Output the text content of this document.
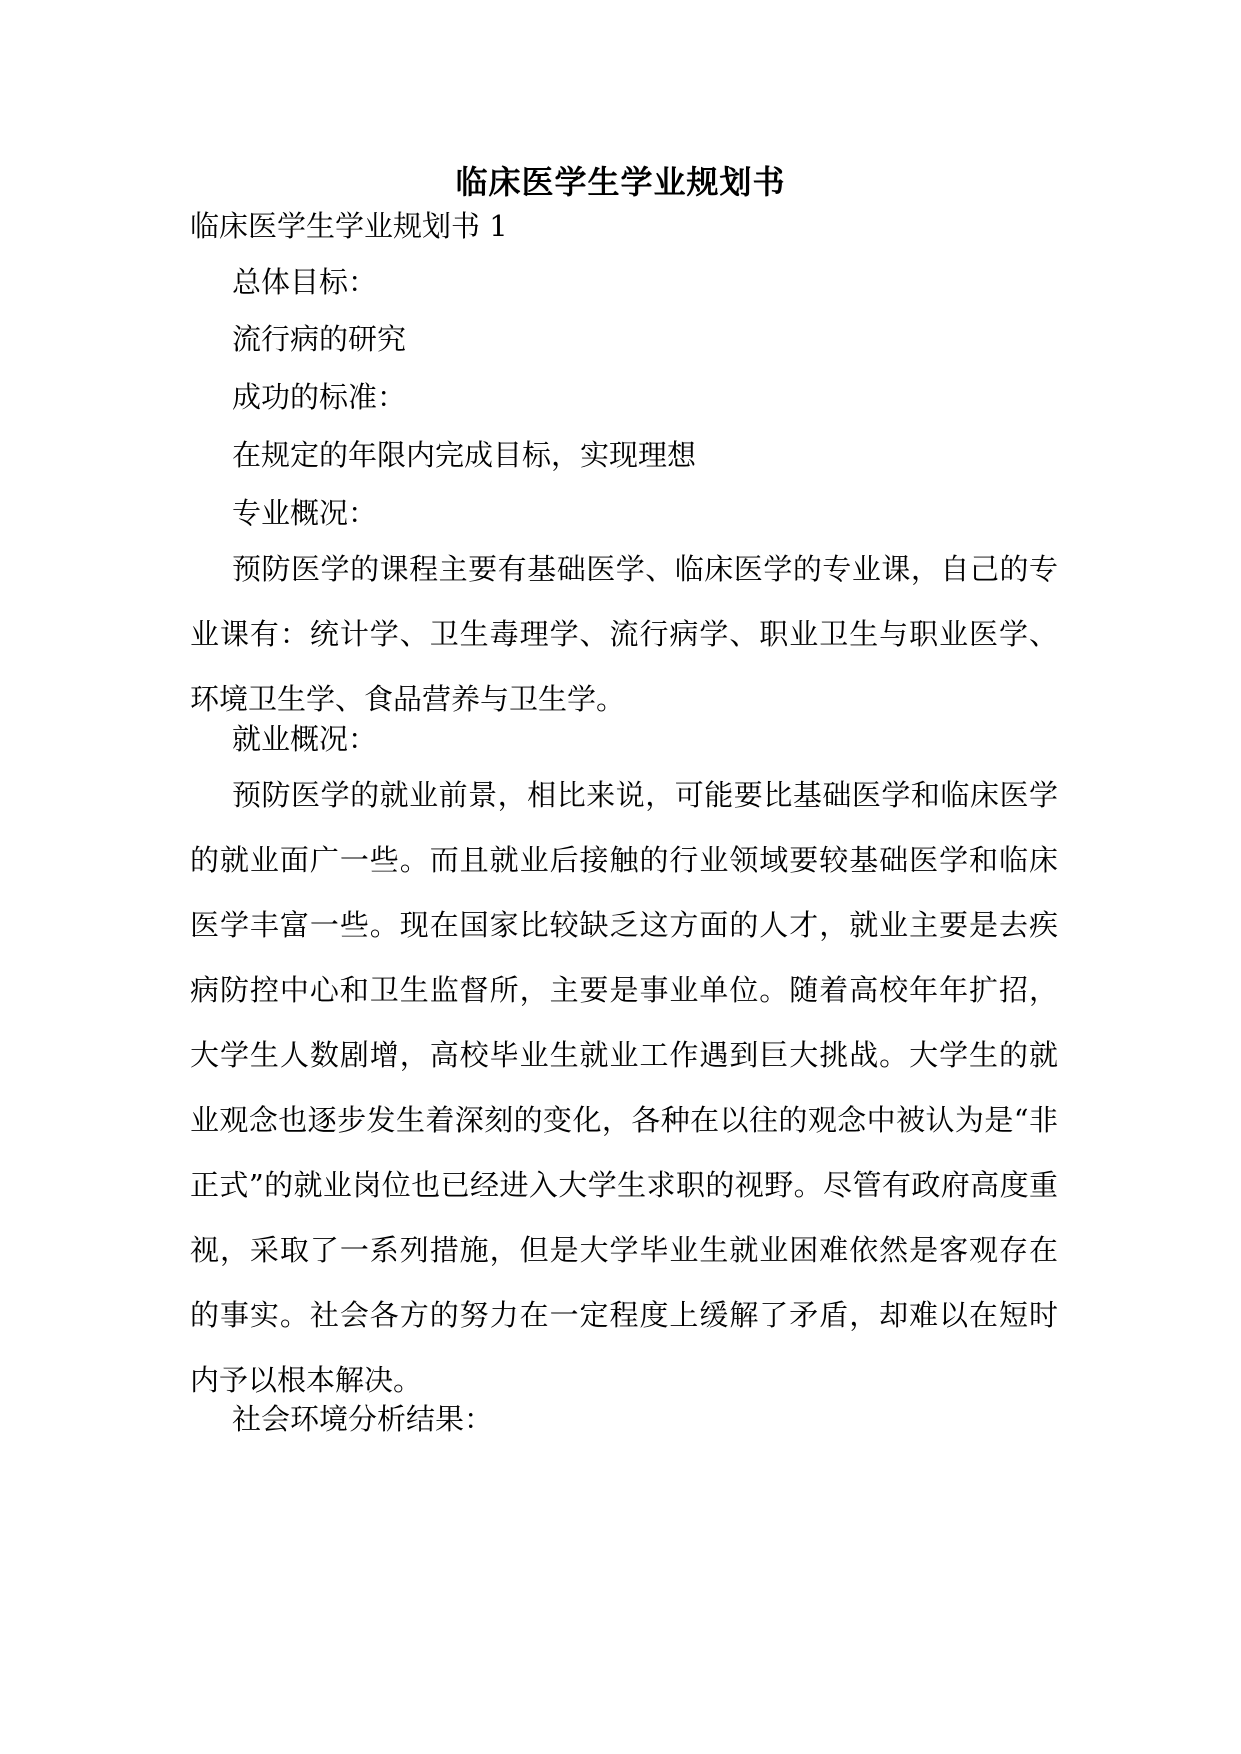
临床医学生学业规划书
临床医学生学业规划书 1
总体目标：
流行病的研究
成功的标准：
在规定的年限内完成目标，实现理想
专业概况：
预防医学的课程主要有基础医学、临床医学的专业课，自己的专业课有：统计学、卫生毒理学、流行病学、职业卫生与职业医学、环境卫生学、食品营养与卫生学。
就业概况：
预防医学的就业前景，相比来说，可能要比基础医学和临床医学的就业面广一些。而且就业后接触的行业领域要较基础医学和临床医学丰富一些。现在国家比较缺乏这方面的人才，就业主要是去疾病防控中心和卫生监督所，主要是事业单位。随着高校年年扩招，大学生人数剧增，高校毕业生就业工作遇到巨大挑战。大学生的就业观念也逐步发生着深刻的变化，各种在以往的观念中被认为是“非正式”的就业岗位也已经进入大学生求职的视野。尽管有政府高度重视，采取了一系列措施，但是大学毕业生就业困难依然是客观存在的事实。社会各方的努力在一定程度上缓解了矛盾，却难以在短时内予以根本解决。
社会环境分析结果：
